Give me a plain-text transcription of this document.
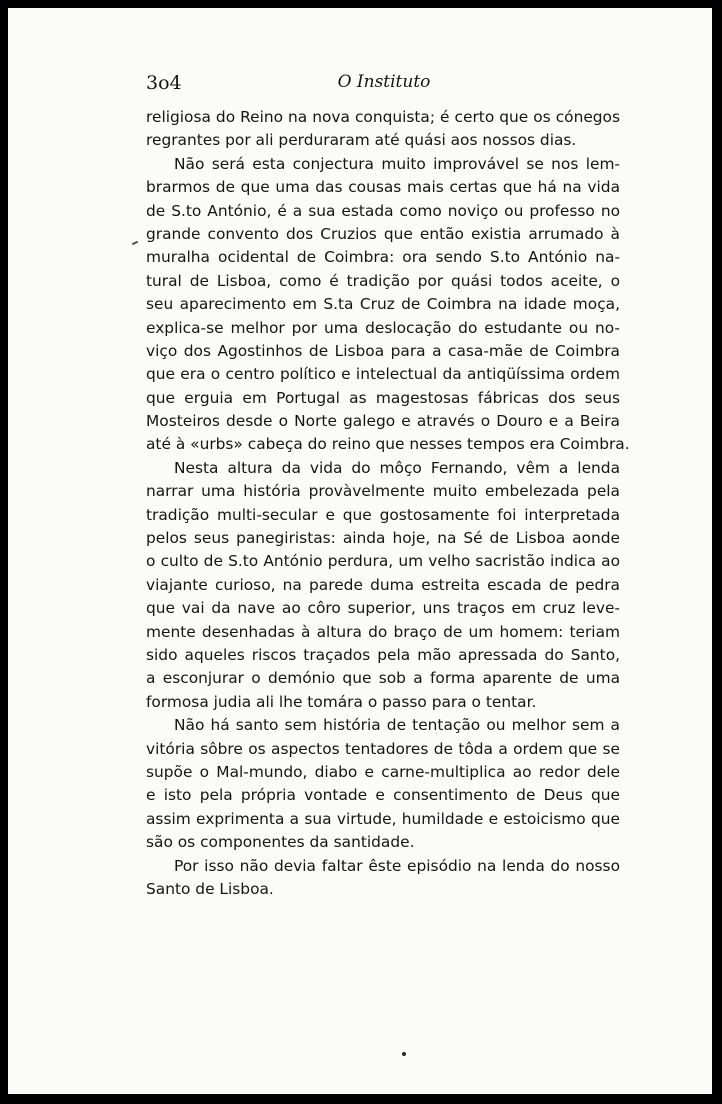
3o4	O Instituto
religiosa do Reino na nova conquista; é certo que os cónegos
regrantes por ali perduraram até quási aos nossos dias.
Não será esta conjectura muito improvável se nos lem-
brarmos de que uma das cousas mais certas que há na vida
de S.to António, é a sua estada como noviço ou professo no
grande convento dos Cruzios que então existia arrumado à
muralha ocidental de Coimbra: ora sendo S.to António na-
tural de Lisboa, como é tradição por quási todos aceite, o
seu aparecimento em S.ta Cruz de Coimbra na idade moça,
explica-se melhor por uma deslocação do estudante ou no-
viço dos Agostinhos de Lisboa para a casa-mãe de Coimbra
que era o centro político e intelectual da antiqüíssima ordem
que erguia em Portugal as magestosas fábricas dos seus
Mosteiros desde o Norte galego e através o Douro e a Beira
até à «urbs» cabeça do reino que nesses tempos era Coimbra.
Nesta altura da vida do môço Fernando, vêm a lenda
narrar uma história provàvelmente muito embelezada pela
tradição multi-secular e que gostosamente foi interpretada
pelos seus panegiristas: ainda hoje, na Sé de Lisboa aonde
o culto de S.to António perdura, um velho sacristão indica ao
viajante curioso, na parede duma estreita escada de pedra
que vai da nave ao côro superior, uns traços em cruz leve-
mente desenhadas à altura do braço de um homem: teriam
sido aqueles riscos traçados pela mão apressada do Santo,
a esconjurar o demónio que sob a forma aparente de uma
formosa judia ali lhe tomára o passo para o tentar.
Não há santo sem história de tentação ou melhor sem a
vitória sôbre os aspectos tentadores de tôda a ordem que se
supõe o Mal-mundo, diabo e carne-multiplica ao redor dele
e isto pela própria vontade e consentimento de Deus que
assim exprimenta a sua virtude, humildade e estoicismo que
são os componentes da santidade.
Por isso não devia faltar êste episódio na lenda do nosso
Santo de Lisboa.
